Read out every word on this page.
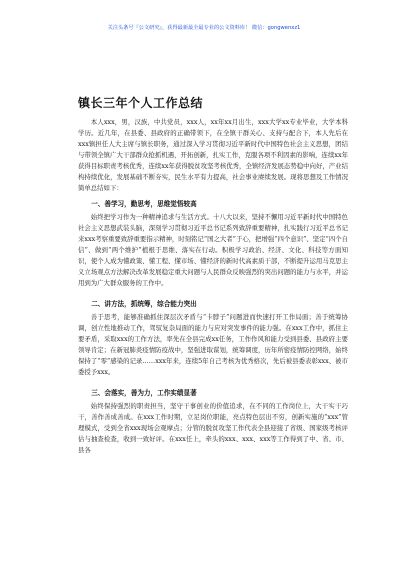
关注头条号『公文研究』，获得最新最全最专业的公文资料库！ 微信：gongwenxz1
镇长三年个人工作总结

本人xxx，男，汉族，中共党员，xxx人，xx年xx月出生，xxx大学xx专业毕业，大学本科学历。近几年，在县委、县政府的正确带领下，在全镇干群关心、支持与配合下，本人先后在xxx镇担任人大主席与镇长职务，通过深入学习贯彻习近平新时代中国特色社会主义思想，团结与带领全镇广大干部群众抢抓机遇，开拓创新，扎实工作，克服各项不利因素的影响，连续xx年获得目标职责考核优秀，连续xx年获得脱贫攻坚考核优秀，全镇经济发展态势稳中向好，产业结构持续优化，发展基础不断夯实，民生水平有力提高，社会事业赓续发展。现将思想及工作情况简单总结如下：

一、善学习，勤思考，思维觉悟较高

始终把学习作为一种精神追求与生活方式。十八大以来，坚持不懈用习近平新时代中国特色社会主义思想武装头脑，深刻学习贯彻习近平总书记系列致辞重要精神，扎实践行习近平总书记来xxx考察重要致辞重要指示精神，时刻铭记“国之大者”于心，把增强“四个意识”、坚定“四个自信”、做到“两个维护”植根于思维、落实在行动。积极学习政治、经济、文化、科技等方面知识，使个人成为懂政策、懂工程、懂市场、懂经济的新时代高素质干部，不断提升运用马克思主义立场观点方法解决改革发展稳定重大问题与人民群众反映强烈的突出问题的能力与水平，并运用到为广大群众服务的工作中。

二、讲方法，抓统筹，综合能力突出

善于思考，能够准确抓住深层次矛盾与“卡脖子”问题进而快速打开工作局面；善于统筹协调，创立性地推动工作，驾驭复杂局面的能力与应对突发事件的能力强。在xxx工作中，抓住主要矛盾，采取xxx的工作方法，率先在全县完成xx任务，工作作风和能力受到县委、县政府主要领导肯定；在新冠肺炎疫情防疫战中，坚强进取谋划，统筹调度，历年所密疫情防控网络，始终保持了“零”感染的记录……xxx年来，连续5年自己考核为优秀格次，先后被县委表彰xxx、被市委授予xxx。

三、会落实，善为力，工作实绩显著

始终保持强烈的职责担当，坚守干事创业的价值追求，在不同的工作岗位上，大干实干巧干，善作善成善成。在xxx工作时期，立足岗位职能，亮点特色层出不穷，创新实施的“xxx”管理模式，受到全省xxx现场会观摩点；分管的脱贫攻坚工作代表全县迎接了省级、国家级考核评估与抽查检查，收到一致好评。在xxx任上，牵头的xxx、xxx、xxx等工作得到了中、省、市、县各
